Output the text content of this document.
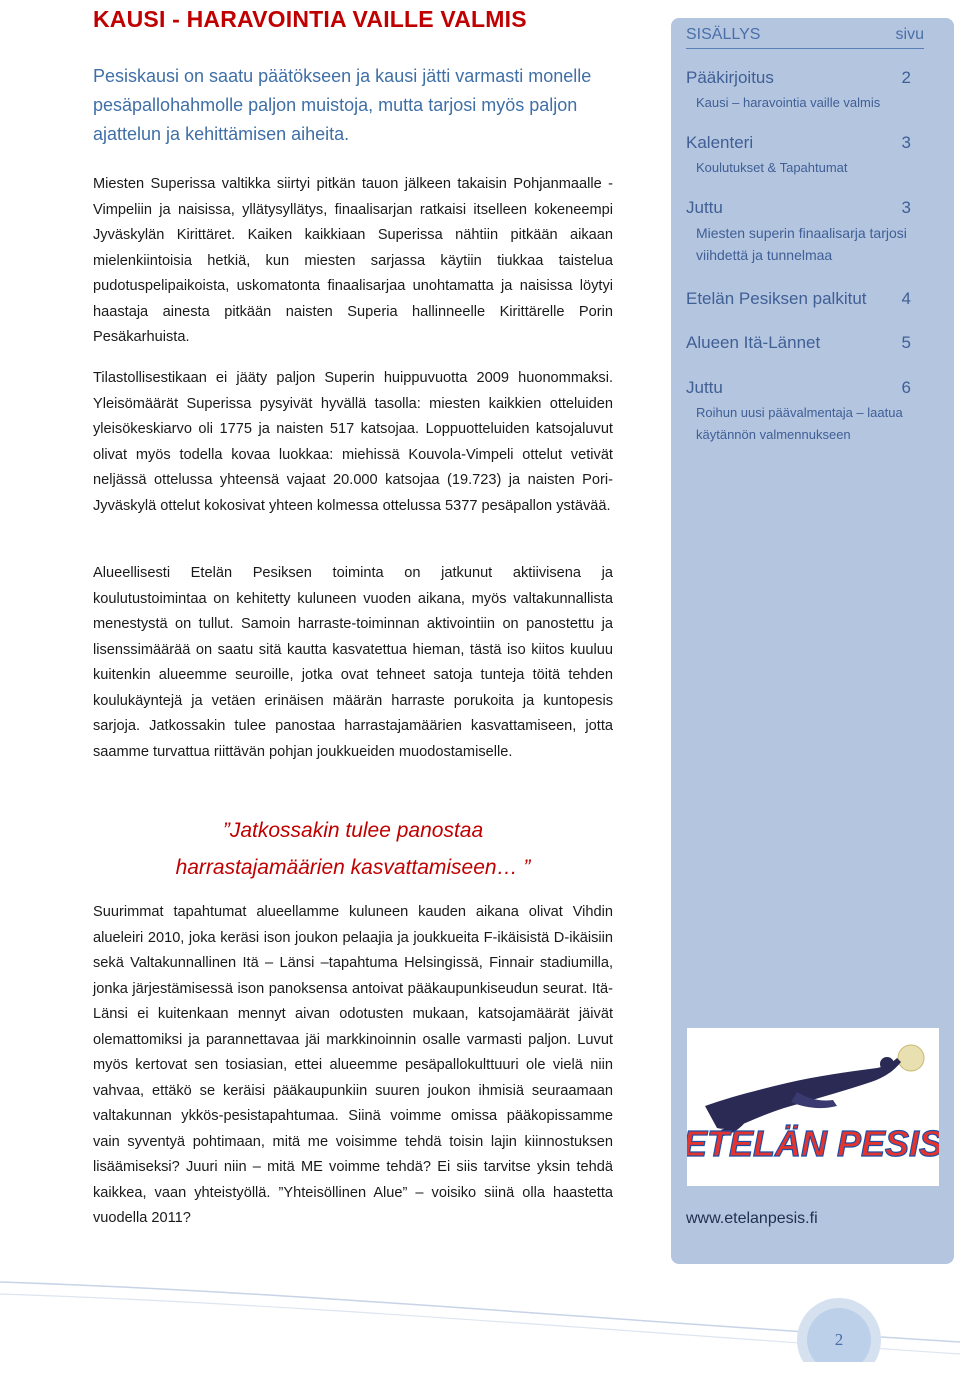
KAUSI - HARAVOINTIA VAILLE VALMIS

Pesiskausi on saatu päätökseen ja kausi jätti varmasti monelle pesäpallohahmolle paljon muistoja, mutta tarjosi myös paljon ajattelun ja kehittämisen aiheita.

Miesten Superissa valtikka siirtyi pitkän tauon jälkeen takaisin Pohjanmaalle - Vimpeliin ja naisissa, yllätysyllätys, finaalisarjan ratkaisi itselleen kokeneempi Jyväskylän Kirittäret. Kaiken kaikkiaan Superissa nähtiin pitkään aikaan mielenkiintoisia hetkiä, kun miesten sarjassa käytiin tiukkaa taistelua pudotuspelipaikoista, uskomatonta finaalisarjaa unohtamatta ja naisissa löytyi haastaja ainesta pitkään naisten Superia hallinneelle Kirittärelle Porin Pesäkarhuista.

Tilastollisestikaan ei jääty paljon Superin huippuvuotta 2009 huonommaksi. Yleisömäärät Superissa pysyivät hyvällä tasolla: miesten kaikkien otteluiden yleisökeskiarvo oli 1775 ja naisten 517 katsojaa. Loppuotteluiden katsojaluvut olivat myös todella kovaa luokkaa: miehissä Kouvola-Vimpeli ottelut vetivät neljässä ottelussa yhteensä vajaat 20.000 katsojaa (19.723) ja naisten Pori-Jyväskylä ottelut kokosivat yhteen kolmessa ottelussa 5377 pesäpallon ystävää.

Alueellisesti Etelän Pesiksen toiminta on jatkunut aktiivisena ja koulutustoimintaa on kehitetty kuluneen vuoden aikana, myös valtakunnallista menestystä on tullut. Samoin harraste-toiminnan aktivointiin on panostettu ja lisenssimäärää on saatu sitä kautta kasvatettua hieman, tästä iso kiitos kuuluu kuitenkin alueemme seuroille, jotka ovat tehneet satoja tunteja töitä tehden koulukäyntejä ja vetäen erinäisen määrän harraste porukoita ja kuntopesis sarjoja. Jatkossakin tulee panostaa harrastajamäärien kasvattamiseen, jotta saamme turvattua riittävän pohjan joukkueiden muodostamiselle.

”Jatkossakin tulee panostaa
harrastajamäärien kasvattamiseen… ”

Suurimmat tapahtumat alueellamme kuluneen kauden aikana olivat Vihdin alueleiri 2010, joka keräsi ison joukon pelaajia ja joukkueita F-ikäisistä D-ikäisiin sekä Valtakunnallinen Itä – Länsi –tapahtuma Helsingissä, Finnair stadiumilla, jonka järjestämisessä ison panoksensa antoivat pääkaupunkiseudun seurat. Itä-Länsi ei kuitenkaan mennyt aivan odotusten mukaan, katsojamäärät jäivät olemattomiksi ja parannettavaa jäi markkinoinnin osalle varmasti paljon. Luvut myös kertovat sen tosiasian, ettei alueemme pesäpallokulttuuri ole vielä niin vahvaa, ettäkö se keräisi pääkaupunkiin suuren joukon ihmisiä seuraamaan valtakunnan ykkös-pesistapahtumaa. Siinä voimme omissa pääkopissamme vain syventyä pohtimaan, mitä me voisimme tehdä toisin lajin kiinnostuksen lisäämiseksi? Juuri niin – mitä ME voimme tehdä? Ei siis tarvitse yksin tehdä kaikkea, vaan yhteistyöllä. ”Yhteisöllinen Alue” – voisiko siinä olla haastetta vuodella 2011?

SISÄLLYS	sivu
Pääkirjoitus	2
Kausi – haravointia vaille valmis
Kalenteri	3
Koulutukset & Tapahtumat
Juttu	3
Miesten superin finaalisarja tarjosi viihdettä ja tunnelmaa
Etelän Pesiksen palkitut 4
Alueen Itä-Lännet	5
Juttu	6
Roihun uusi päävalmentaja – laatua käytännön valmennukseen
ETELÄN PESIS
www.etelanpesis.fi
2
